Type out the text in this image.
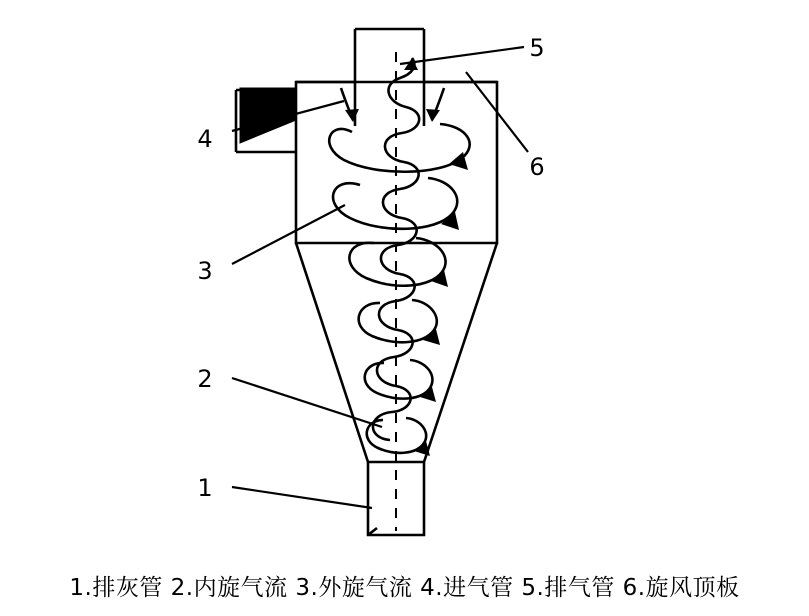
1
2
3
4
5
6
1.排灰管 2.内旋气流 3.外旋气流 4.进气管 5.排气管 6.旋风顶板
